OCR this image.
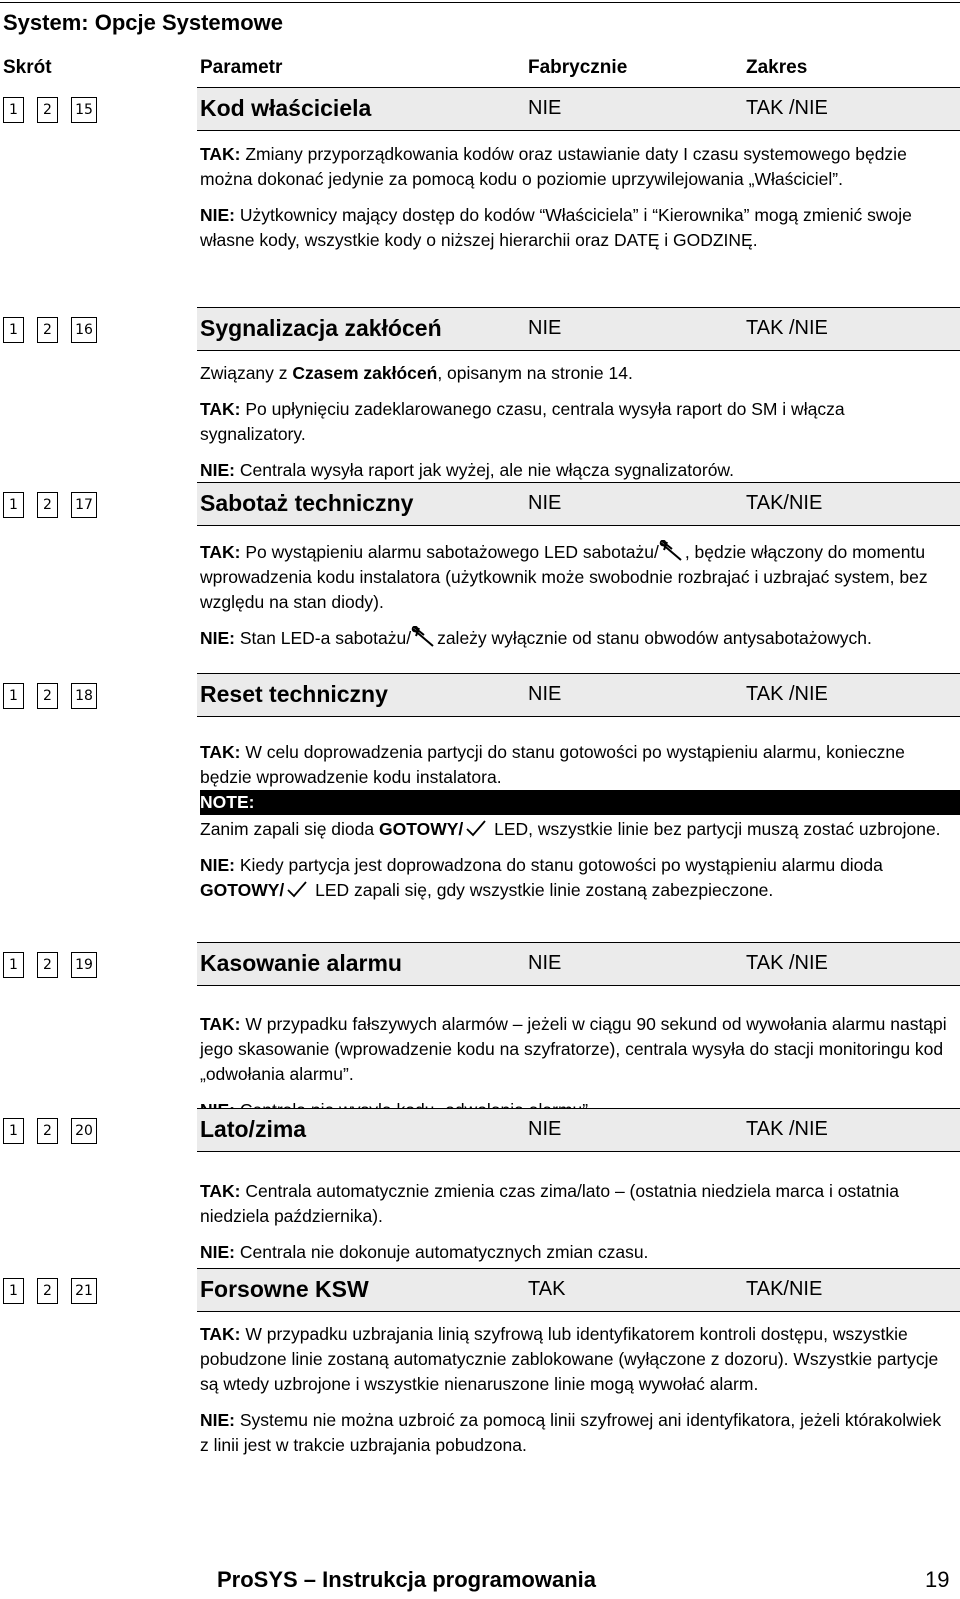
System: Opcje Systemowe
Skrót	Parametr	Fabrycznie	Zakres
1	2	15	Kod właściciela	NIE	TAK /NIE

TAK: Zmiany przyporządkowania kodów oraz ustawianie daty I czasu systemowego będzie można dokonać jedynie za pomocą kodu o poziomie uprzywilejowania „Właściciel”.

NIE: Użytkownicy mający dostęp do kodów “Właściciela” i “Kierownika” mogą zmienić swoje własne kody, wszystkie kody o niższej hierarchii oraz DATĘ i GODZINĘ.

1	2	16	Sygnalizacja zakłóceń	NIE	TAK /NIE

Związany z Czasem zakłóceń, opisanym na stronie 14.

TAK: Po upłynięciu zadeklarowanego czasu, centrala wysyła raport do SM i włącza sygnalizatory.

NIE: Centrala wysyła raport jak wyżej, ale nie włącza sygnalizatorów.

1	2	17	Sabotaż techniczny	NIE	TAK/NIE

TAK: Po wystąpieniu alarmu sabotażowego LED sabotażu/ , będzie włączony do momentu wprowadzenia kodu instalatora (użytkownik może swobodnie rozbrajać i uzbrajać system, bez względu na stan diody).

NIE: Stan LED-a sabotażu/ zależy wyłącznie od stanu obwodów antysabotażowych.

1	2	18	Reset techniczny	NIE	TAK /NIE

TAK: W celu doprowadzenia partycji do stanu gotowości po wystąpieniu alarmu, konieczne będzie wprowadzenie kodu instalatora.

NOTE:

Zanim zapali się dioda GOTOWY/ LED, wszystkie linie bez partycji muszą zostać uzbrojone.

NIE: Kiedy partycja jest doprowadzona do stanu gotowości po wystąpieniu alarmu dioda GOTOWY/ LED zapali się, gdy wszystkie linie zostaną zabezpieczone.

1	2	19	Kasowanie alarmu	NIE	TAK /NIE

TAK: W przypadku fałszywych alarmów – jeżeli w ciągu 90 sekund od wywołania alarmu nastąpi jego skasowanie (wprowadzenie kodu na szyfratorze), centrala wysyła do stacji monitoringu kod „odwołania alarmu”.

1	2	20	Lato/zima	NIE	TAK /NIE

TAK: Centrala automatycznie zmienia czas zima/lato – (ostatnia niedziela marca i ostatnia niedziela października).

NIE: Centrala nie dokonuje automatycznych zmian czasu.

1	2	21	Forsowne KSW	TAK	TAK/NIE

TAK: W przypadku uzbrajania linią szyfrową lub identyfikatorem kontroli dostępu, wszystkie pobudzone linie zostaną automatycznie zablokowane (wyłączone z dozoru). Wszystkie partycje są wtedy uzbrojone i wszystkie nienaruszone linie mogą wywołać alarm.

NIE: Systemu nie można uzbroić za pomocą linii szyfrowej ani identyfikatora, jeżeli którakolwiek z linii jest w trakcie uzbrajania pobudzona.

ProSYS – Instrukcja programowania	19
